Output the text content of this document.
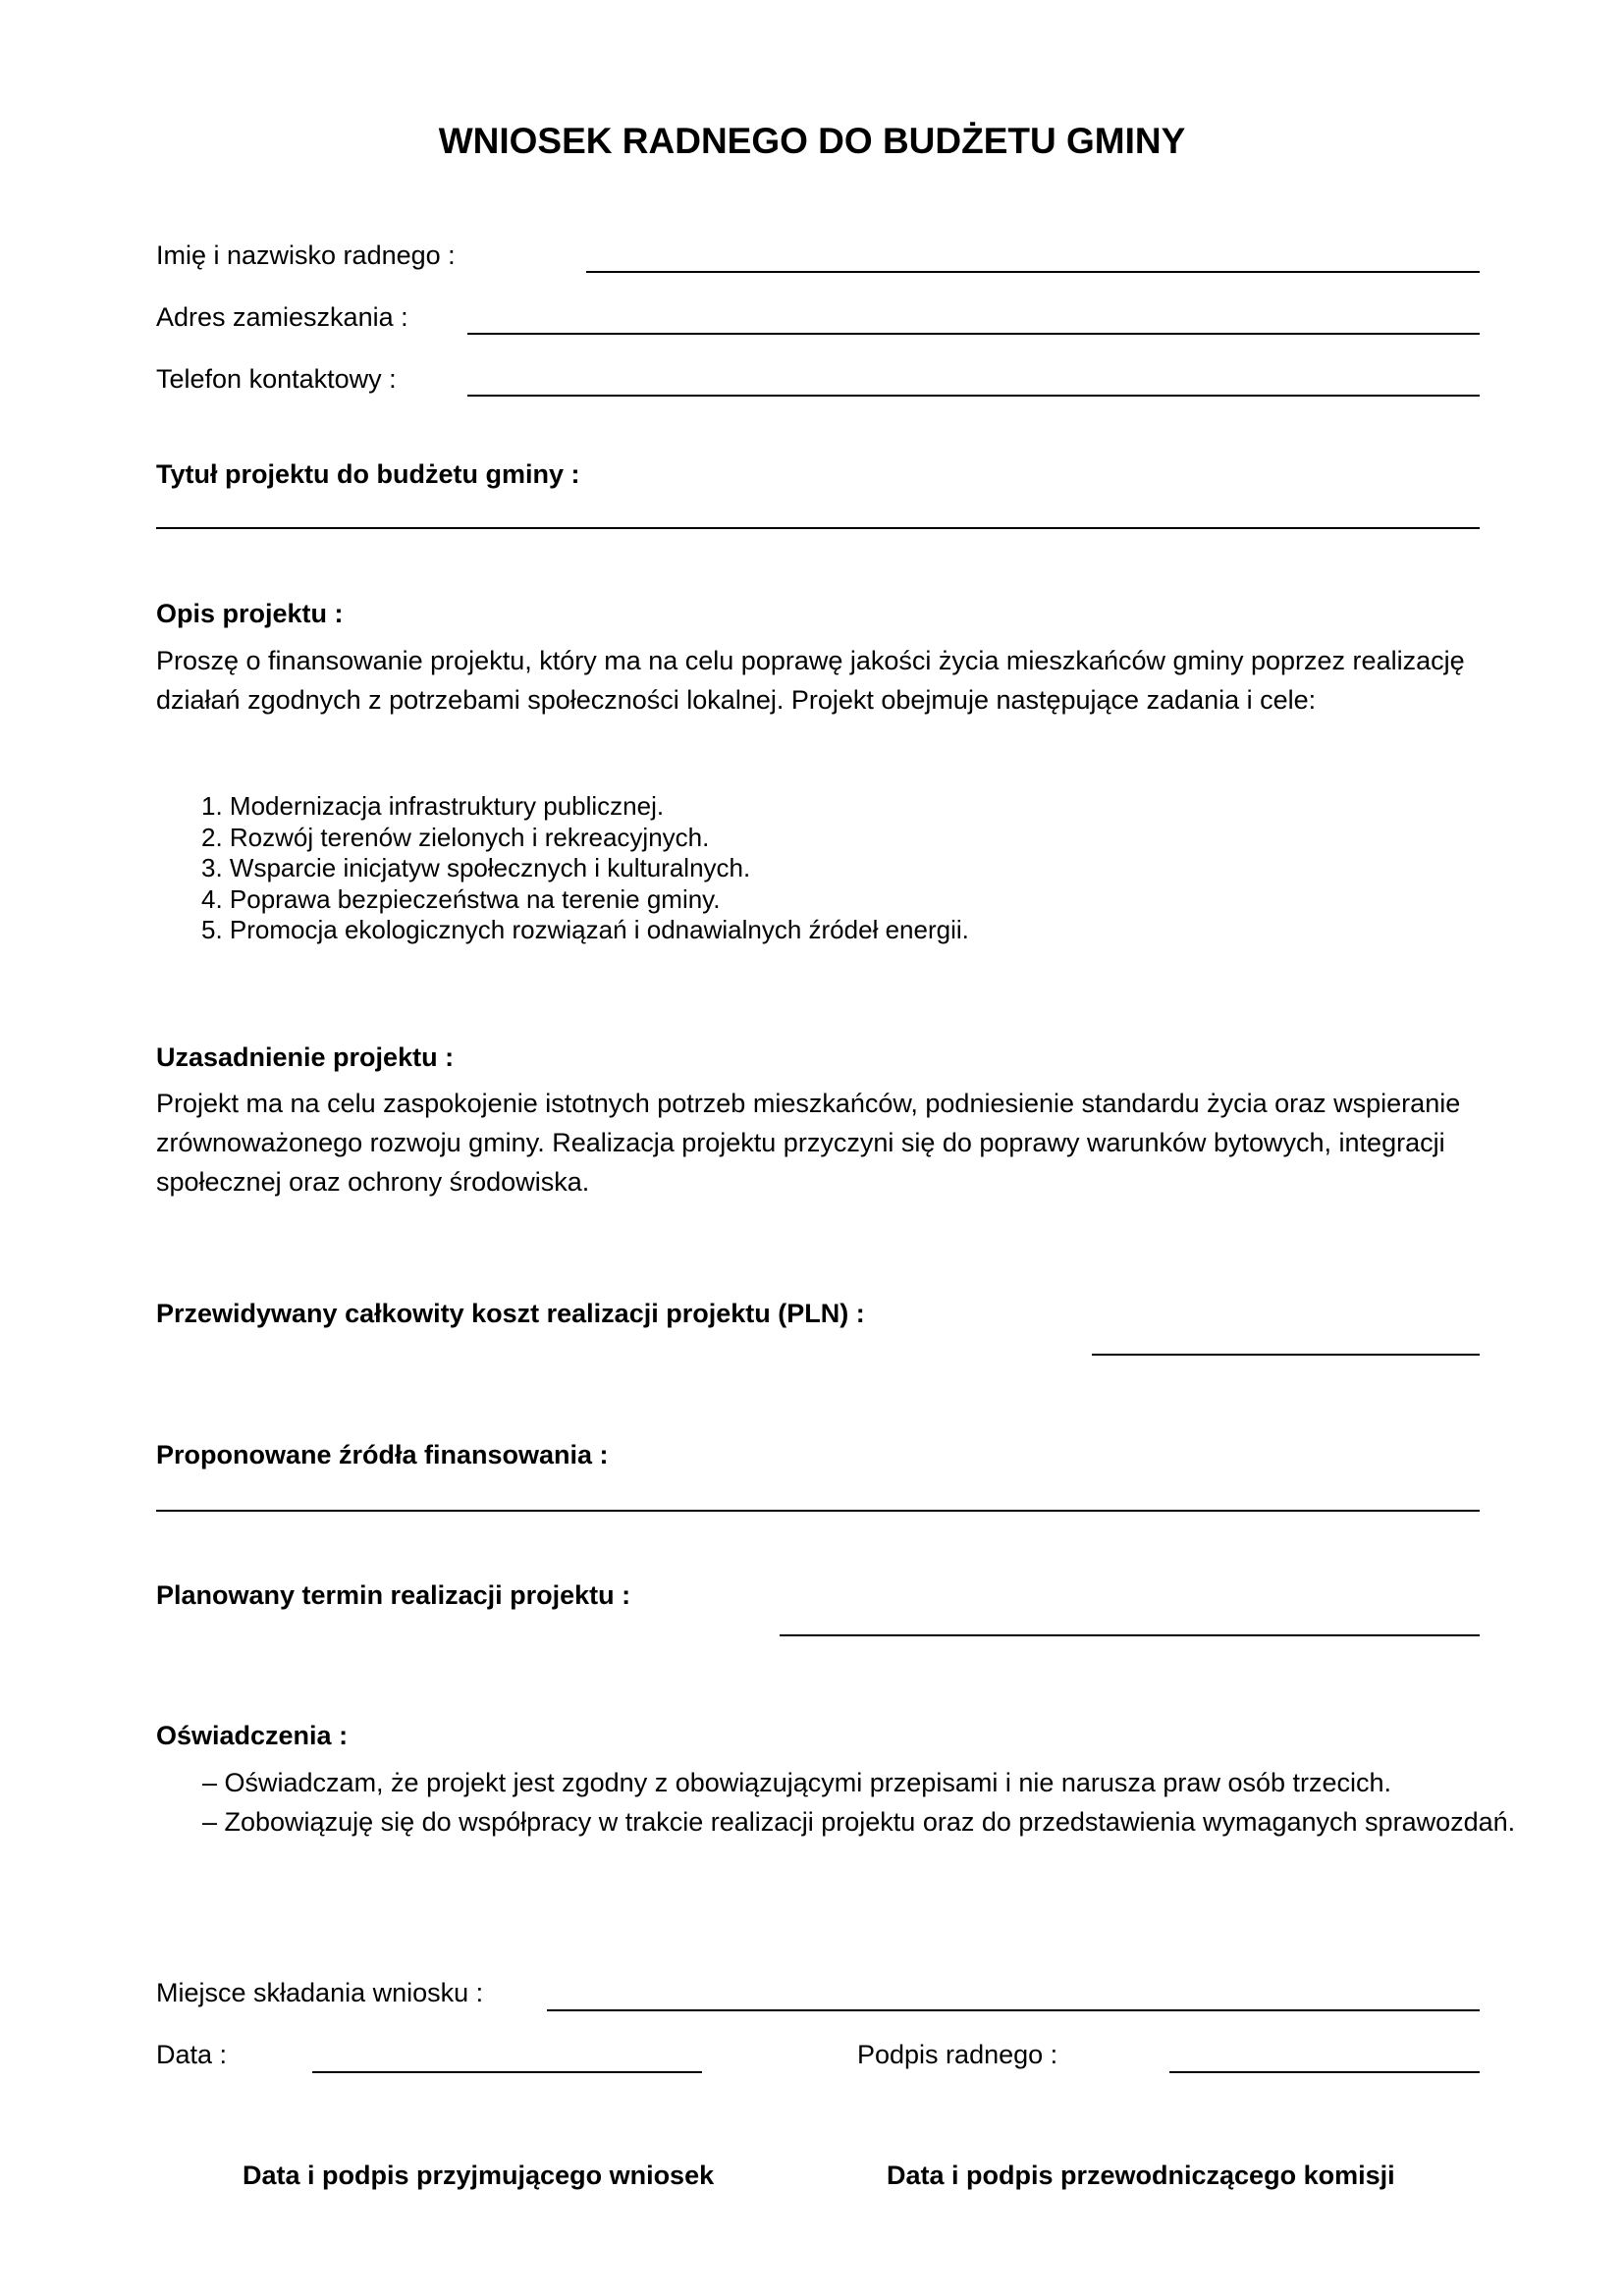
WNIOSEK RADNEGO DO BUDŻETU GMINY
Imię i nazwisko radnego :
Adres zamieszkania :
Telefon kontaktowy :
Tytuł projektu do budżetu gminy :
Opis projektu :
Proszę o finansowanie projektu, który ma na celu poprawę jakości życia mieszkańców gminy poprzez realizację działań zgodnych z potrzebami społeczności lokalnej. Projekt obejmuje następujące zadania i cele:
1. Modernizacja infrastruktury publicznej.
2. Rozwój terenów zielonych i rekreacyjnych.
3. Wsparcie inicjatyw społecznych i kulturalnych.
4. Poprawa bezpieczeństwa na terenie gminy.
5. Promocja ekologicznych rozwiązań i odnawialnych źródeł energii.
Uzasadnienie projektu :
Projekt ma na celu zaspokojenie istotnych potrzeb mieszkańców, podniesienie standardu życia oraz wspieranie zrównoważonego rozwoju gminy. Realizacja projektu przyczyni się do poprawy warunków bytowych, integracji społecznej oraz ochrony środowiska.
Przewidywany całkowity koszt realizacji projektu (PLN) :
Proponowane źródła finansowania :
Planowany termin realizacji projektu :
Oświadczenia :
– Oświadczam, że projekt jest zgodny z obowiązującymi przepisami i nie narusza praw osób trzecich.
– Zobowiązuję się do współpracy w trakcie realizacji projektu oraz do przedstawienia wymaganych sprawozdań.
Miejsce składania wniosku :
Data :	Podpis radnego :
Data i podpis przyjmującego wniosek	Data i podpis przewodniczącego komisji
